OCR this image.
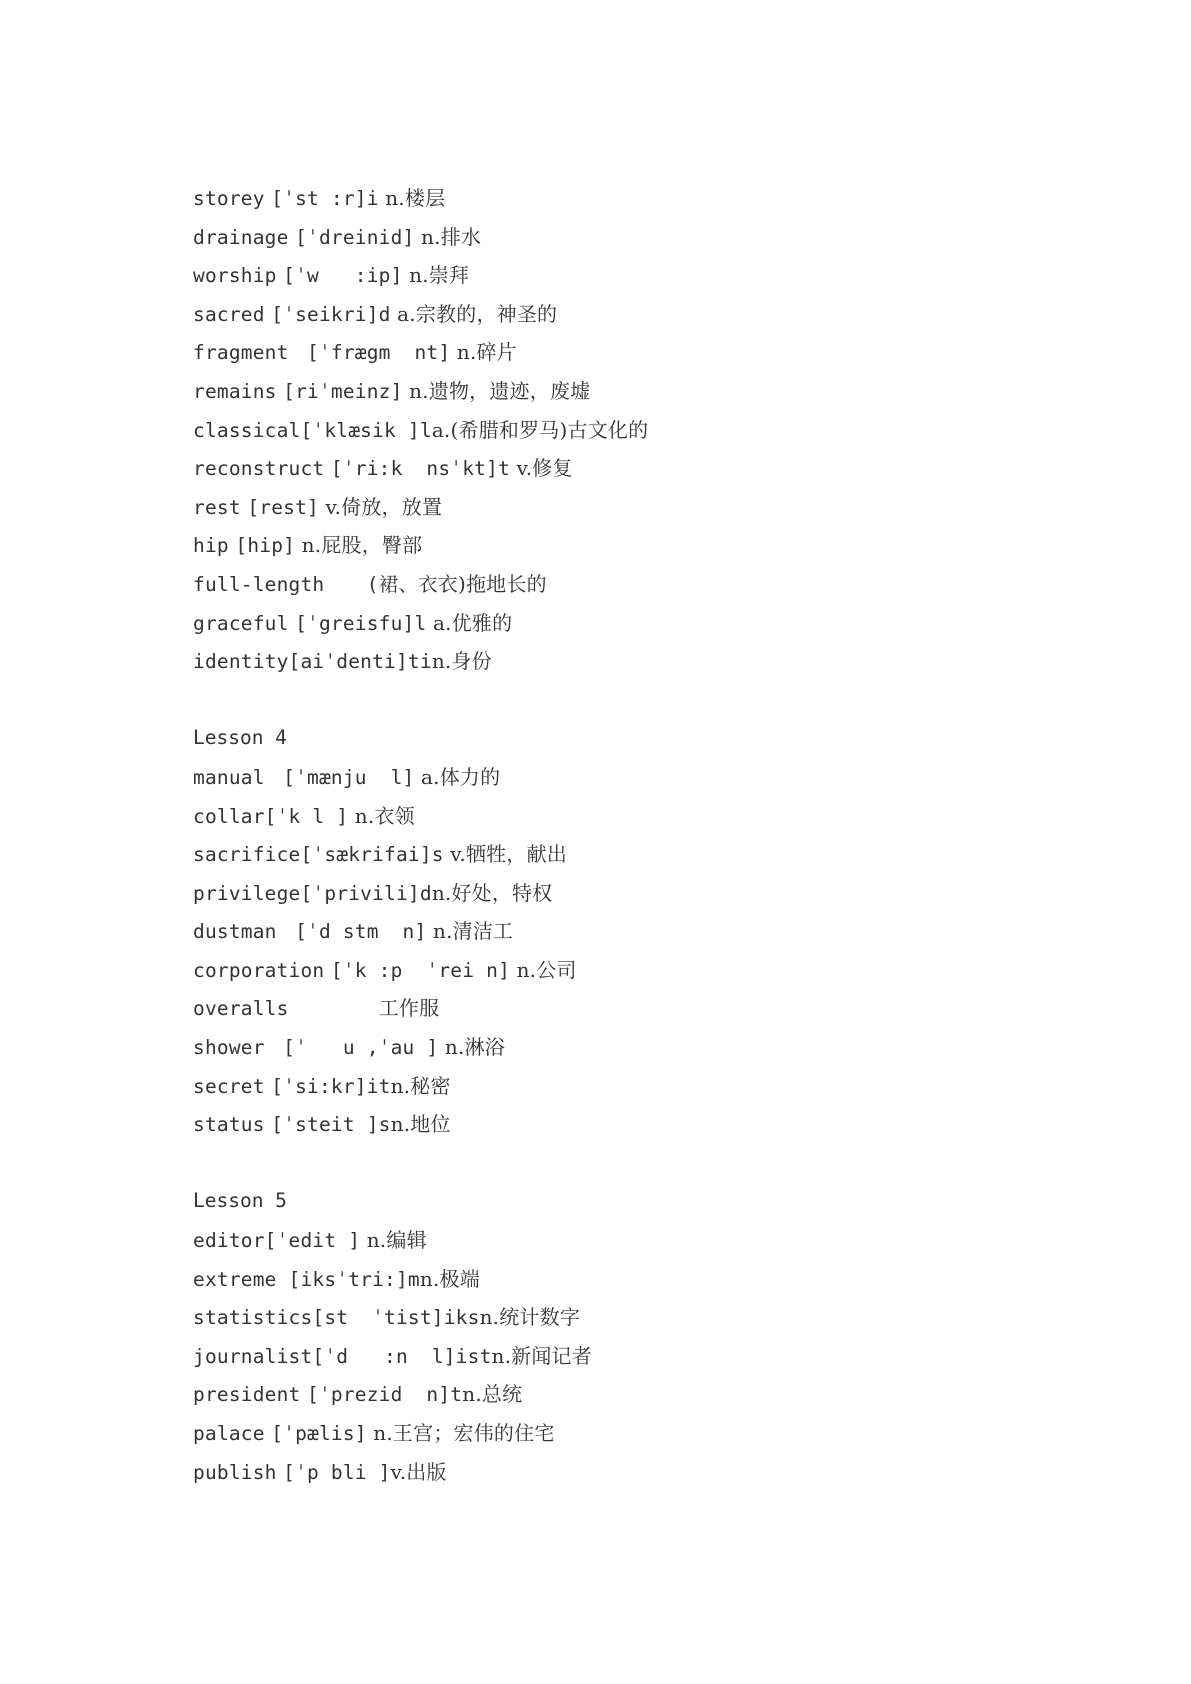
storey [ˈst :r]i n.楼层
drainage [ˈdreinid] n.排水
worship [ˈw   :ip] n.崇拜
sacred [ˈseikri]d a.宗教的，神圣的
fragment  [ˈfrægm  nt] n.碎片
remains [riˈmeinz] n.遗物，遗迹，废墟
classical[ˈklæsik ]la.(希腊和罗马)古文化的
reconstruct [ˈri:k  nsˈkt]t v.修复
rest [rest] v.倚放，放置
hip [hip] n.屁股，臀部
full-length    (裙、衣衣)拖地长的
graceful [ˈgreisfu]l a.优雅的
identity[aiˈdenti]tin.身份
Lesson 4
manual  [ˈmænju  l] a.体力的
collar[ˈk l ] n.衣领
sacrifice[ˈsækrifai]s v.牺牲，献出
privilege[ˈprivili]dn.好处，特权
dustman  [ˈd stm  n] n.清洁工
corporation [ˈk :p  ˈrei n] n.公司
overalls	工作服
shower  [ˈ   u ,ˈau ] n.淋浴
secret [ˈsi:kr]itn.秘密
status [ˈsteit ]sn.地位
Lesson 5
editor[ˈedit ] n.编辑
extreme [iksˈtri:]mn.极端
statistics[st  ˈtist]iksn.统计数字
journalist[ˈd   :n  l]istn.新闻记者
president [ˈprezid  n]tn.总统
palace [ˈpælis] n.王宫；宏伟的住宅
publish [ˈp bli ]v.出版
